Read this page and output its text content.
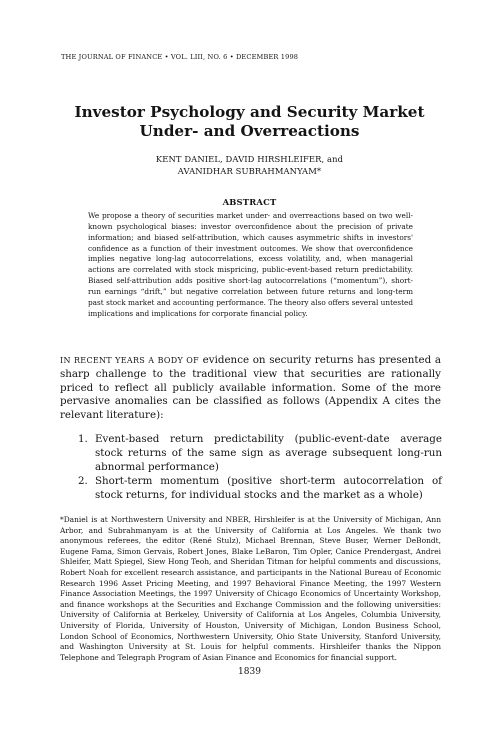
THE JOURNAL OF FINANCE • VOL. LIII, NO. 6 • DECEMBER 1998
Investor Psychology and Security Market
Under- and Overreactions
KENT DANIEL, DAVID HIRSHLEIFER, and
AVANIDHAR SUBRAHMANYAM*
ABSTRACT
We propose a theory of securities market under- and overreactions based on two well-known psychological biases: investor overconfidence about the precision of private information; and biased self-attribution, which causes asymmetric shifts in investors' confidence as a function of their investment outcomes. We show that overconfidence implies negative long-lag autocorrelations, excess volatility, and, when managerial actions are correlated with stock mispricing, public-event-based return predictability. Biased self-attribution adds positive short-lag autocorrelations (“momentum”), short-run earnings “drift,” but negative correlation between future returns and long-term past stock market and accounting performance. The theory also offers several untested implications and implications for corporate financial policy.
IN RECENT YEARS A BODY OF evidence on security returns has presented a sharp challenge to the traditional view that securities are rationally priced to reflect all publicly available information. Some of the more pervasive anomalies can be classified as follows (Appendix A cites the relevant literature):
1. Event-based return predictability (public-event-date average stock returns of the same sign as average subsequent long-run abnormal performance)
2. Short-term momentum (positive short-term autocorrelation of stock returns, for individual stocks and the market as a whole)
*Daniel is at Northwestern University and NBER, Hirshleifer is at the University of Michigan, Ann Arbor, and Subrahmanyam is at the University of California at Los Angeles. We thank two anonymous referees, the editor (René Stulz), Michael Brennan, Steve Buser, Werner DeBondt, Eugene Fama, Simon Gervais, Robert Jones, Blake LeBaron, Tim Opler, Canice Prendergast, Andrei Shleifer, Matt Spiegel, Siew Hong Teoh, and Sheridan Titman for helpful comments and discussions, Robert Noah for excellent research assistance, and participants in the National Bureau of Economic Research 1996 Asset Pricing Meeting, and 1997 Behavioral Finance Meeting, the 1997 Western Finance Association Meetings, the 1997 University of Chicago Economics of Uncertainty Workshop, and finance workshops at the Securities and Exchange Commission and the following universities: University of California at Berkeley, University of California at Los Angeles, Columbia University, University of Florida, University of Houston, University of Michigan, London Business School, London School of Economics, Northwestern University, Ohio State University, Stanford University, and Washington University at St. Louis for helpful comments. Hirshleifer thanks the Nippon Telephone and Telegraph Program of Asian Finance and Economics for financial support.
1839
